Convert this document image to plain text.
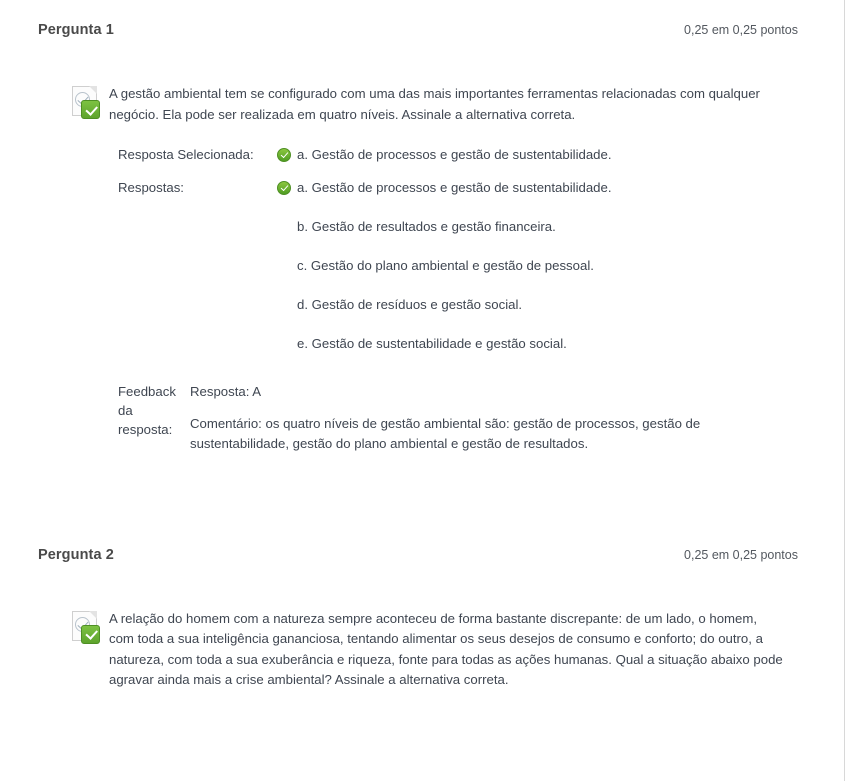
Pergunta 1	0,25 em 0,25 pontos
A gestão ambiental tem se configurado com uma das mais importantes ferramentas relacionadas com qualquer negócio. Ela pode ser realizada em quatro níveis. Assinale a alternativa correta.
Resposta Selecionada:	a. Gestão de processos e gestão de sustentabilidade.
Respostas:	a. Gestão de processos e gestão de sustentabilidade.
b. Gestão de resultados e gestão financeira.
c. Gestão do plano ambiental e gestão de pessoal.
d. Gestão de resíduos e gestão social.
e. Gestão de sustentabilidade e gestão social.
Feedback da resposta:
Resposta: A
Comentário: os quatro níveis de gestão ambiental são: gestão de processos, gestão de sustentabilidade, gestão do plano ambiental e gestão de resultados.
Pergunta 2	0,25 em 0,25 pontos
A relação do homem com a natureza sempre aconteceu de forma bastante discrepante: de um lado, o homem, com toda a sua inteligência gananciosa, tentando alimentar os seus desejos de consumo e conforto; do outro, a natureza, com toda a sua exuberância e riqueza, fonte para todas as ações humanas. Qual a situação abaixo pode agravar ainda mais a crise ambiental? Assinale a alternativa correta.
